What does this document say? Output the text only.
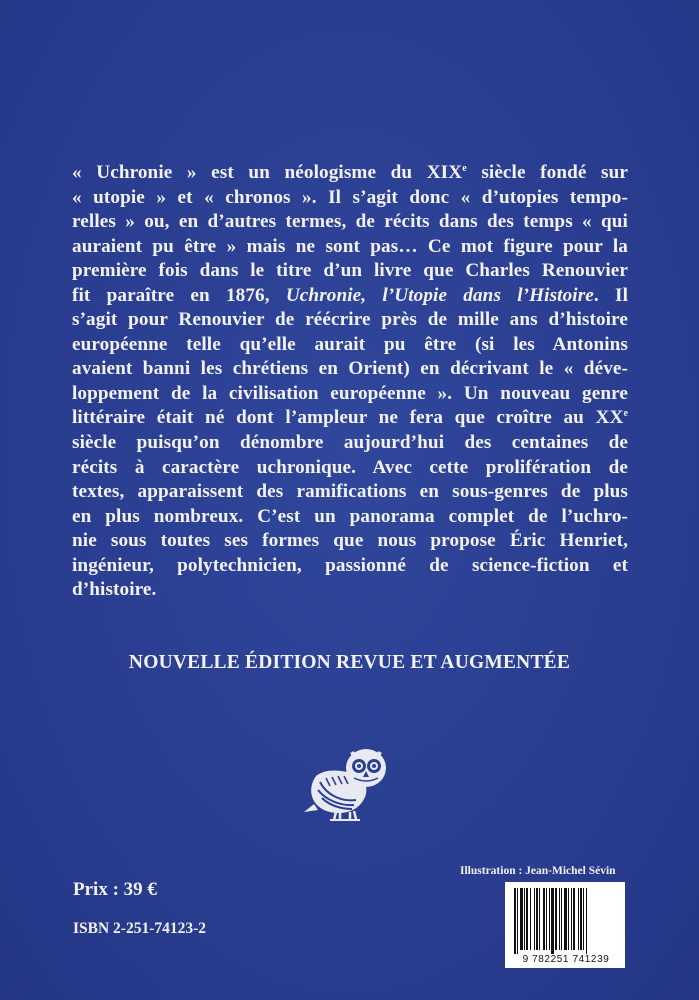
« Uchronie » est un néologisme du XIXe siècle fondé sur
« utopie » et « chronos ». Il s’agit donc « d’utopies tempo-
relles » ou, en d’autres termes, de récits dans des temps « qui
auraient pu être » mais ne sont pas… Ce mot figure pour la
première fois dans le titre d’un livre que Charles Renouvier
fit paraître en 1876, Uchronie, l’Utopie dans l’Histoire. Il
s’agit pour Renouvier de réécrire près de mille ans d’histoire
européenne telle qu’elle aurait pu être (si les Antonins
avaient banni les chrétiens en Orient) en décrivant le « déve-
loppement de la civilisation européenne ». Un nouveau genre
littéraire était né dont l’ampleur ne fera que croître au XXe
siècle puisqu’on dénombre aujourd’hui des centaines de
récits à caractère uchronique. Avec cette prolifération de
textes, apparaissent des ramifications en sous-genres de plus
en plus nombreux. C’est un panorama complet de l’uchro-
nie sous toutes ses formes que nous propose Éric Henriet,
ingénieur, polytechnicien, passionné de science-fiction et
d’histoire.
NOUVELLE ÉDITION REVUE ET AUGMENTÉE
Illustration : Jean-Michel Sévin
Prix : 39 €
ISBN 2-251-74123-2
9 782251 741239
